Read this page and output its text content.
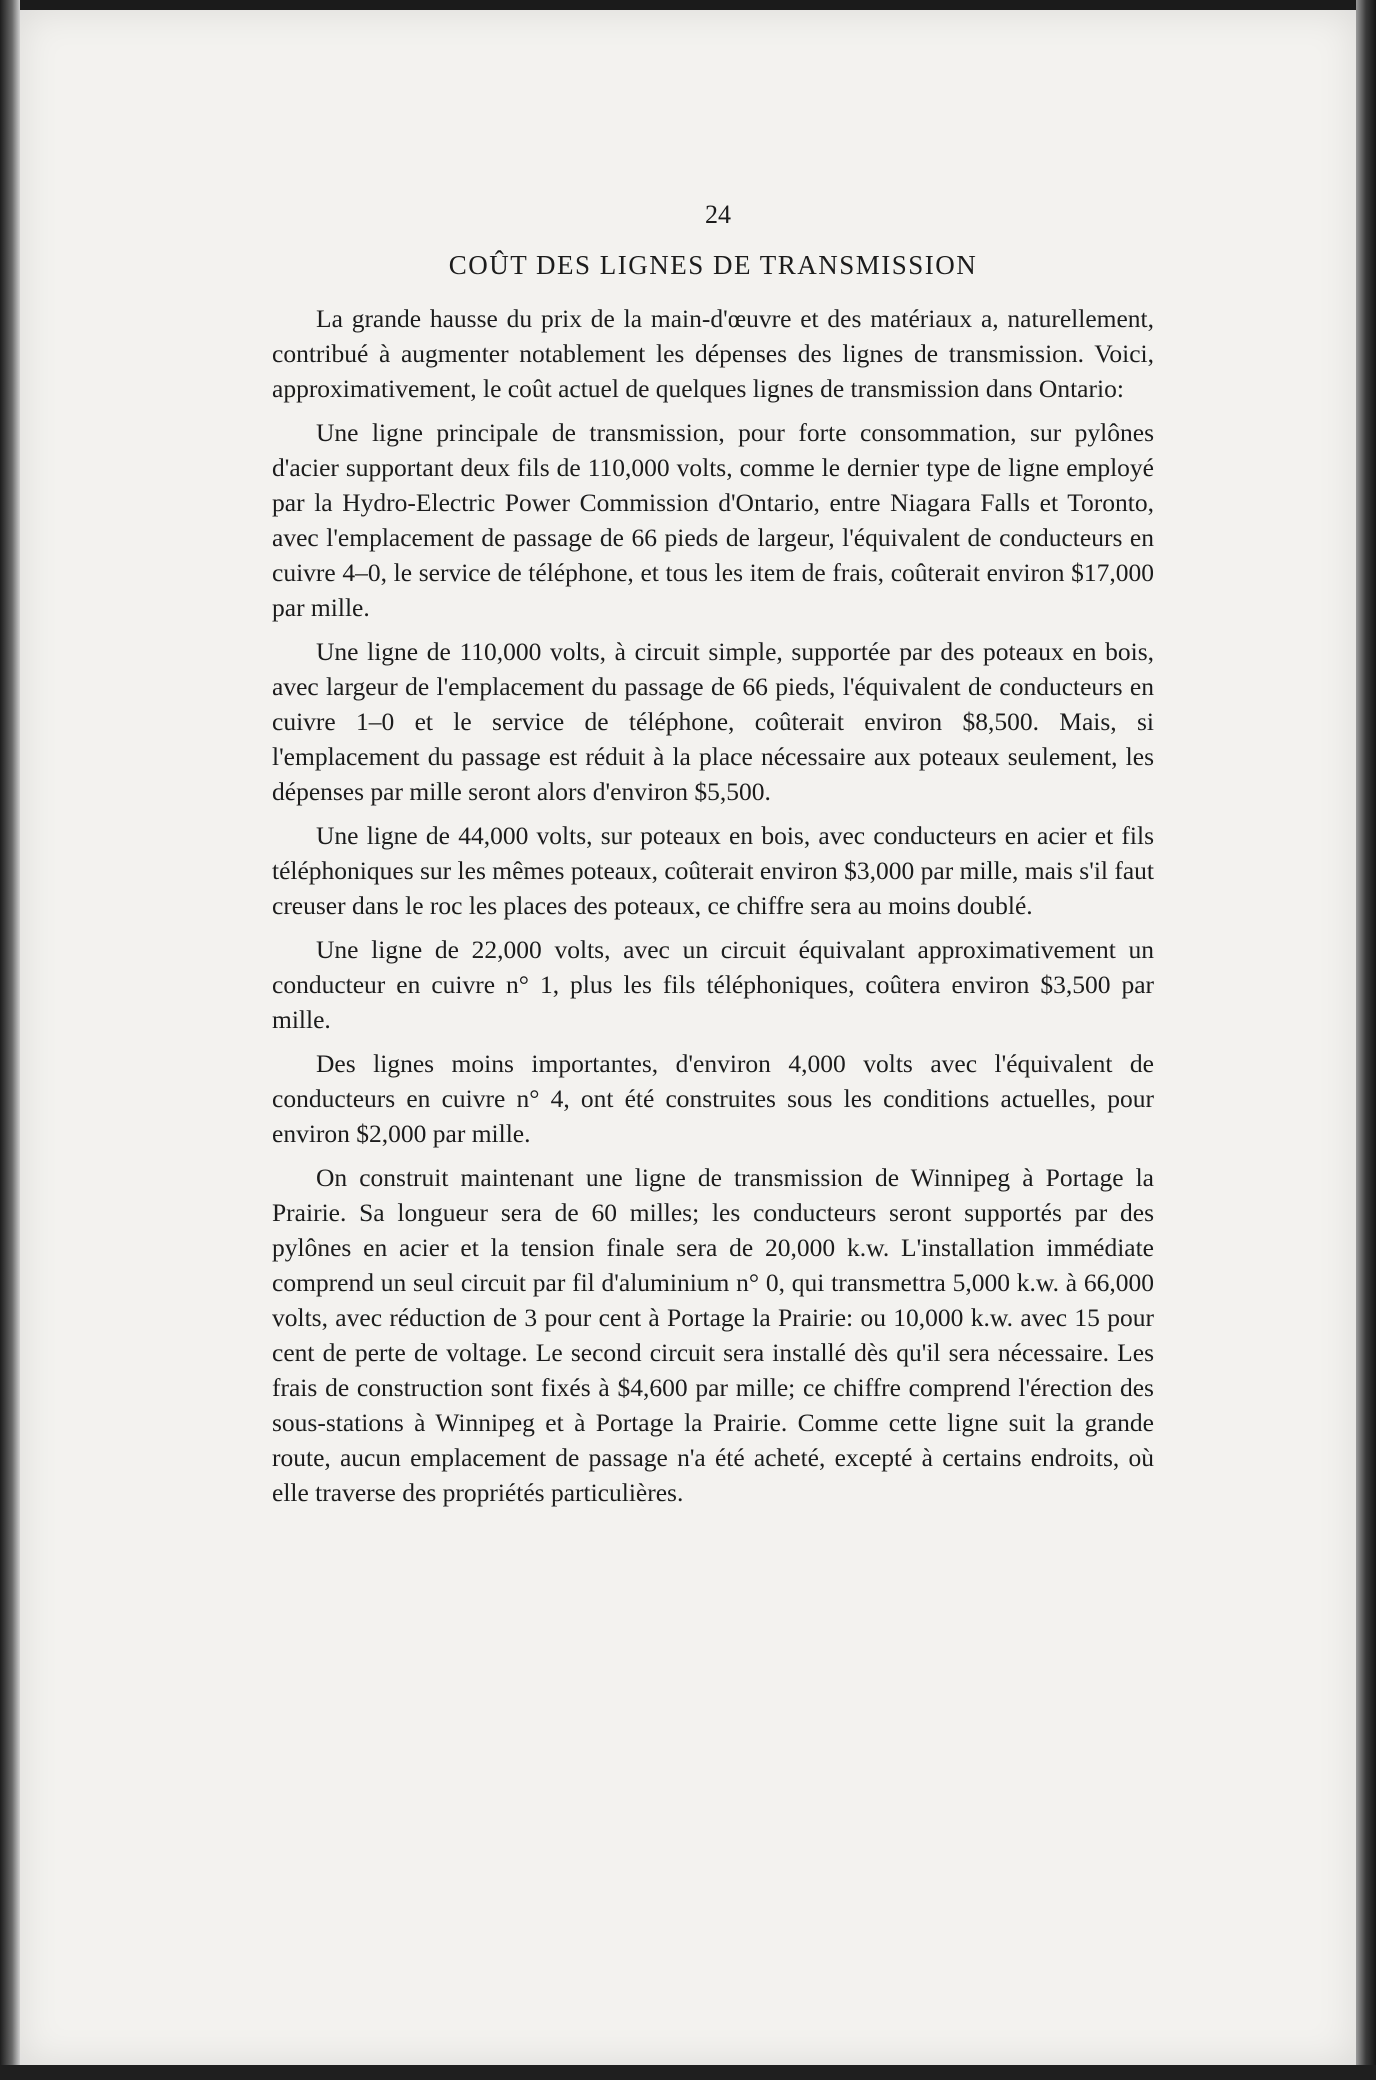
24
COÛT DES LIGNES DE TRANSMISSION

La grande hausse du prix de la main-d'œuvre et des matériaux a, naturellement, contribué à augmenter notablement les dépenses des lignes de transmission. Voici, approximativement, le coût actuel de quelques lignes de transmission dans Ontario:

Une ligne principale de transmission, pour forte consommation, sur pylônes d'acier supportant deux fils de 110,000 volts, comme le dernier type de ligne employé par la Hydro-Electric Power Commission d'Ontario, entre Niagara Falls et Toronto, avec l'emplacement de passage de 66 pieds de largeur, l'équivalent de conducteurs en cuivre 4–0, le service de téléphone, et tous les item de frais, coûterait environ $17,000 par mille.

Une ligne de 110,000 volts, à circuit simple, supportée par des poteaux en bois, avec largeur de l'emplacement du passage de 66 pieds, l'équivalent de conducteurs en cuivre 1–0 et le service de téléphone, coûterait environ $8,500. Mais, si l'emplacement du passage est réduit à la place nécessaire aux poteaux seulement, les dépenses par mille seront alors d'environ $5,500.

Une ligne de 44,000 volts, sur poteaux en bois, avec conducteurs en acier et fils téléphoniques sur les mêmes poteaux, coûterait environ $3,000 par mille, mais s'il faut creuser dans le roc les places des poteaux, ce chiffre sera au moins doublé.

Une ligne de 22,000 volts, avec un circuit équivalant approximativement un conducteur en cuivre n° 1, plus les fils téléphoniques, coûtera environ $3,500 par mille.

Des lignes moins importantes, d'environ 4,000 volts avec l'équivalent de conducteurs en cuivre n° 4, ont été construites sous les conditions actuelles, pour environ $2,000 par mille.

On construit maintenant une ligne de transmission de Winnipeg à Portage la Prairie. Sa longueur sera de 60 milles; les conducteurs seront supportés par des pylônes en acier et la tension finale sera de 20,000 k.w. L'installation immédiate comprend un seul circuit par fil d'aluminium n° 0, qui transmettra 5,000 k.w. à 66,000 volts, avec réduction de 3 pour cent à Portage la Prairie: ou 10,000 k.w. avec 15 pour cent de perte de voltage. Le second circuit sera installé dès qu'il sera nécessaire. Les frais de construction sont fixés à $4,600 par mille; ce chiffre comprend l'érection des sous-stations à Winnipeg et à Portage la Prairie. Comme cette ligne suit la grande route, aucun emplacement de passage n'a été acheté, excepté à certains endroits, où elle traverse des propriétés particulières.
